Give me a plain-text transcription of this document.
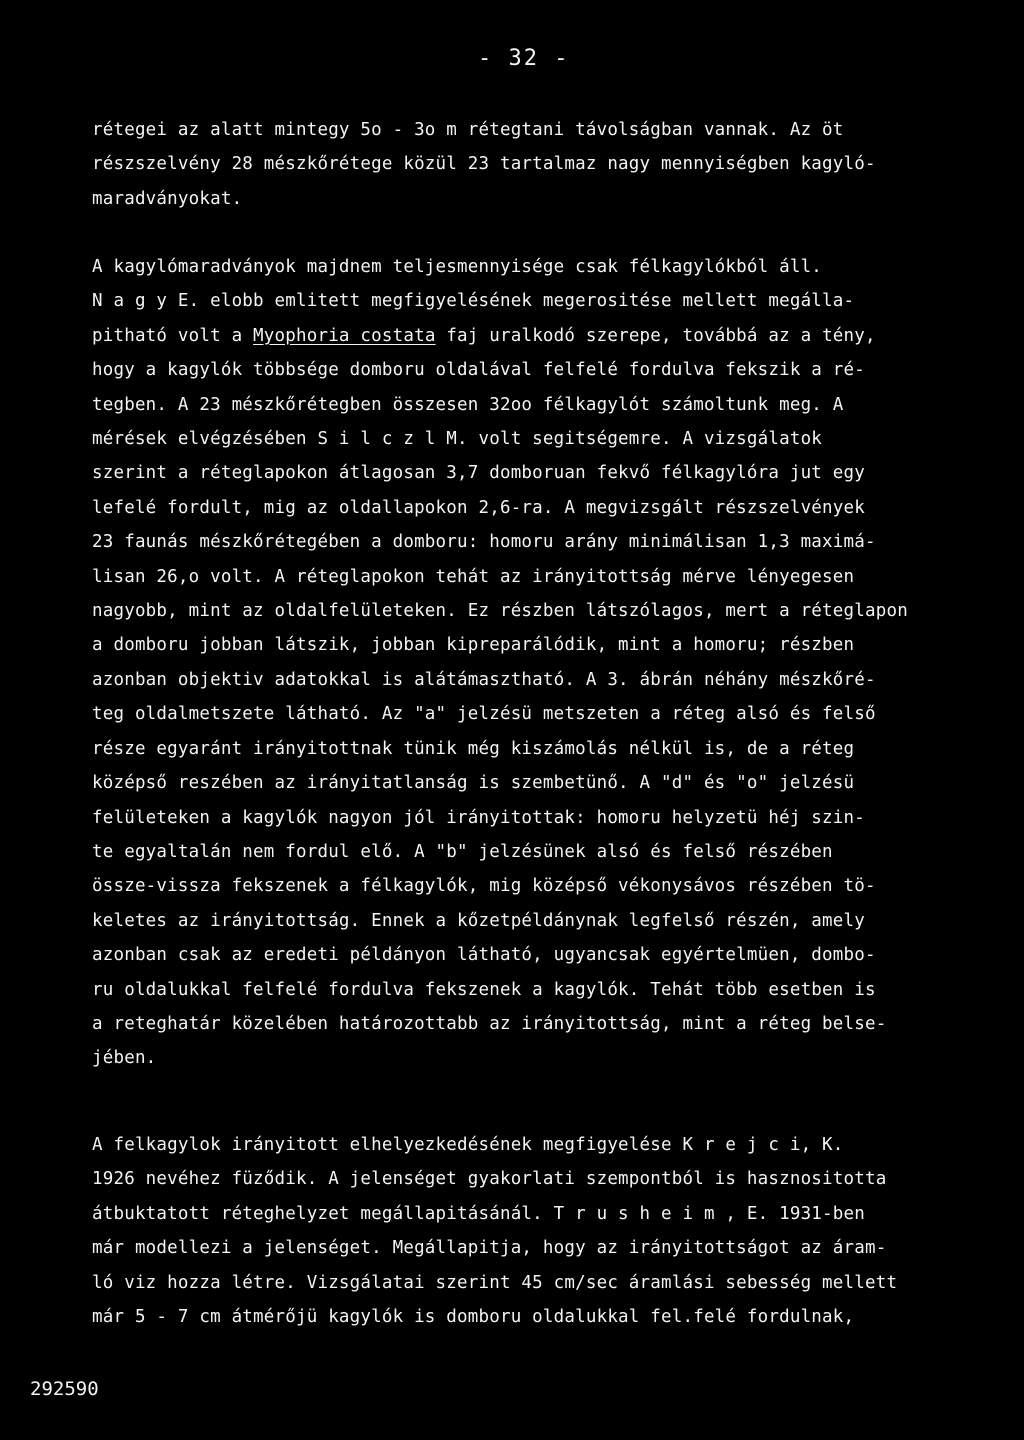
- 32 -
rétegei az alatt mintegy 5o - 3o m rétegtani távolságban vannak. Az öt
részszelvény 28 mészkőrétege közül 23 tartalmaz nagy mennyiségben kagyló-
maradványokat.
A kagylómaradványok majdnem teljesmennyisége csak félkagylókból áll.
N a g y E. elobb emlitett megfigyelésének megerositése mellett megálla-
pitható volt a Myophoria costata faj uralkodó szerepe, továbbá az a tény,
hogy a kagylók többsége domboru oldalával felfelé fordulva fekszik a ré-
tegben. A 23 mészkőrétegben összesen 32oo félkagylót számoltunk meg. A
mérések elvégzésében S i l c z l M. volt segitségemre. A vizsgálatok
szerint a réteglapokon átlagosan 3,7 domboruan fekvő félkagylóra jut egy
lefelé fordult, mig az oldallapokon 2,6-ra. A megvizsgált részszelvények
23 faunás mészkőrétegében a domboru: homoru arány minimálisan 1,3 maximá-
lisan 26,o volt. A réteglapokon tehát az irányitottság mérve lényegesen
nagyobb, mint az oldalfelületeken. Ez részben látszólagos, mert a réteglapon
a domboru jobban látszik, jobban kipreparálódik, mint a homoru; részben
azonban objektiv adatokkal is alátámasztható. A 3. ábrán néhány mészkőré-
teg oldalmetszete látható. Az "a" jelzésü metszeten a réteg alsó és felső
része egyaránt irányitottnak tünik még kiszámolás nélkül is, de a réteg
középső reszében az irányitatlanság is szembetünő. A "d" és "o" jelzésü
felületeken a kagylók nagyon jól irányitottak: homoru helyzetü héj szin-
te egyaltalán nem fordul elő. A "b" jelzésünek alsó és felső részében
össze-vissza fekszenek a félkagylók, mig középső vékonysávos részében tö-
keletes az irányitottság. Ennek a kőzetpéldánynak legfelső részén, amely
azonban csak az eredeti példányon látható, ugyancsak egyértelmüen, dombo-
ru oldalukkal felfelé fordulva fekszenek a kagylók. Tehát több esetben is
a reteghatár közelében határozottabb az irányitottság, mint a réteg belse-
jében.
A felkagylok irányitott elhelyezkedésének megfigyelése K r e j c i, K.
1926 nevéhez füződik. A jelenséget gyakorlati szempontból is hasznositotta
átbuktatott réteghelyzet megállapitásánál. T r u s h e i m , E. 1931-ben
már modellezi a jelenséget. Megállapitja, hogy az irányitottságot az áram-
ló viz hozza létre. Vizsgálatai szerint 45 cm/sec áramlási sebesség mellett
már 5 - 7 cm átmérőjü kagylók is domboru oldalukkal fel.felé fordulnak,
292590
